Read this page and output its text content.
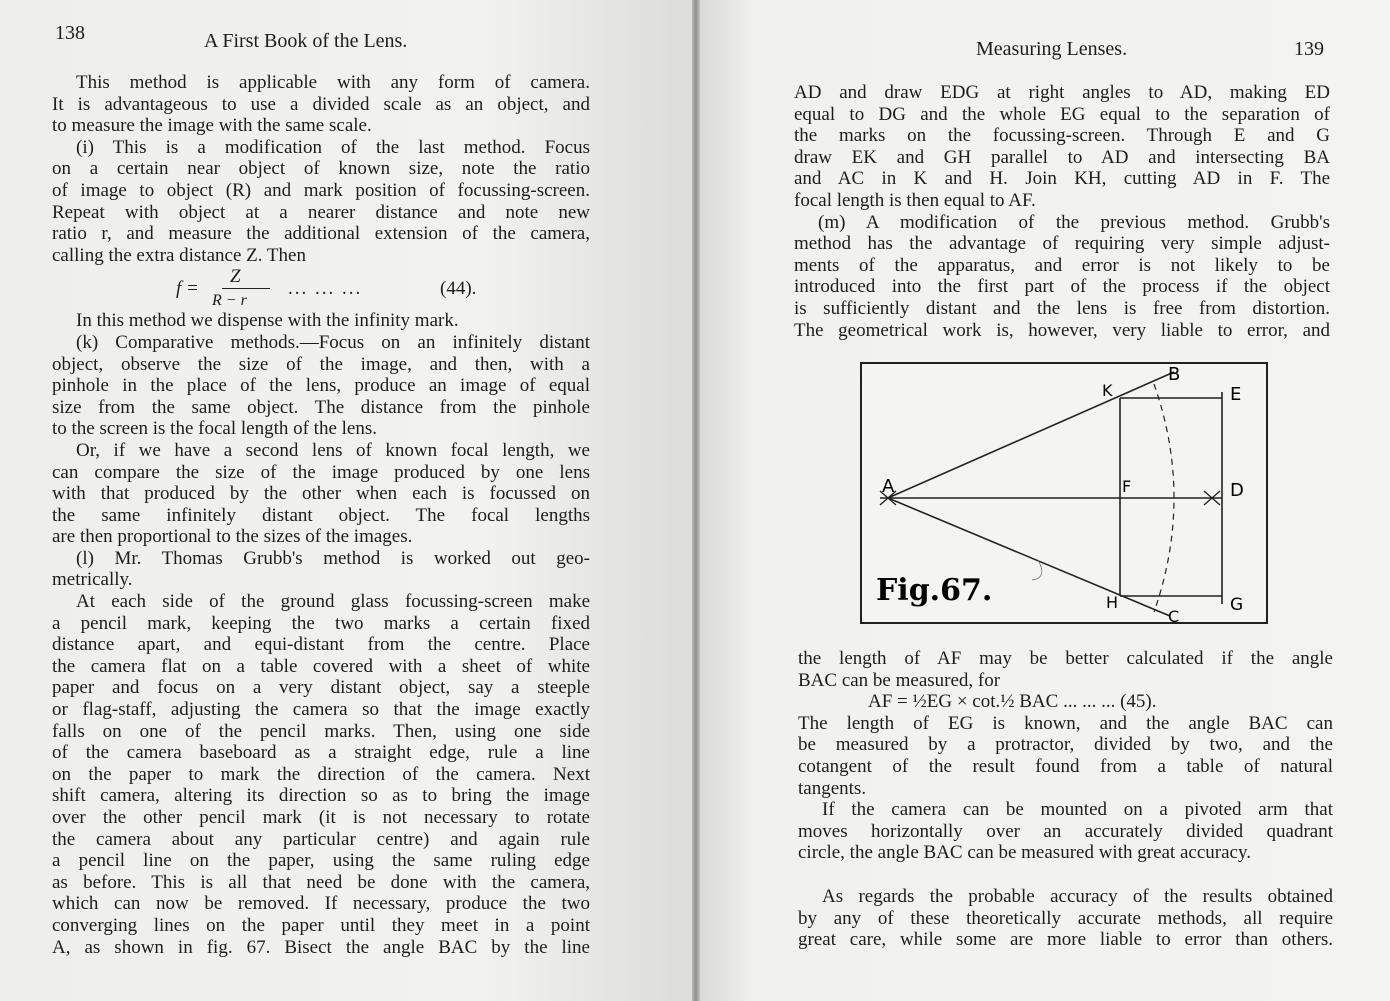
138	A First Book of the Lens.	Measuring Lenses.	139
This method is applicable with any form of camera.
It is advantageous to use a divided scale as an object, and
to measure the image with the same scale.
(i) This is a modification of the last method. Focus
on a certain near object of known size, note the ratio
of image to object (R) and mark position of focussing-screen.
Repeat with object at a nearer distance and note new
ratio r, and measure the additional extension of the camera,
calling the extra distance Z. Then
f =
Z
R − r
... ... ...	(44).
In this method we dispense with the infinity mark.
(k) Comparative methods.—Focus on an infinitely distant
object, observe the size of the image, and then, with a
pinhole in the place of the lens, produce an image of equal
size from the same object. The distance from the pinhole
to the screen is the focal length of the lens.
Or, if we have a second lens of known focal length, we
can compare the size of the image produced by one lens
with that produced by the other when each is focussed on
the same infinitely distant object. The focal lengths
are then proportional to the sizes of the images.
(l) Mr. Thomas Grubb's method is worked out geo-
metrically.
At each side of the ground glass focussing-screen make
a pencil mark, keeping the two marks a certain fixed
distance apart, and equi-distant from the centre. Place
the camera flat on a table covered with a sheet of white
paper and focus on a very distant object, say a steeple
or flag-staff, adjusting the camera so that the image exactly
falls on one of the pencil marks. Then, using one side
of the camera baseboard as a straight edge, rule a line
on the paper to mark the direction of the camera. Next
shift camera, altering its direction so as to bring the image
over the other pencil mark (it is not necessary to rotate
the camera about any particular centre) and again rule
a pencil line on the paper, using the same ruling edge
as before. This is all that need be done with the camera,
which can now be removed. If necessary, produce the two
converging lines on the paper until they meet in a point
A, as shown in fig. 67. Bisect the angle BAC by the line
AD and draw EDG at right angles to AD, making ED
equal to DG and the whole EG equal to the separation of
the marks on the focussing-screen. Through E and G
draw EK and GH parallel to AD and intersecting BA
and AC in K and H. Join KH, cutting AD in F. The
focal length is then equal to AF.
(m) A modification of the previous method. Grubb's
method has the advantage of requiring very simple adjust-
ments of the apparatus, and error is not likely to be
introduced into the first part of the process if the object
is sufficiently distant and the lens is free from distortion.
The geometrical work is, however, very liable to error, and
A
B
C
D
E
F
G
H
K
Fig.67.
the length of AF may be better calculated if the angle
BAC can be measured, for
AF = ½EG × cot.½ BAC ... ... ... (45).
The length of EG is known, and the angle BAC can
be measured by a protractor, divided by two, and the
cotangent of the result found from a table of natural
tangents.
If the camera can be mounted on a pivoted arm that
moves horizontally over an accurately divided quadrant
circle, the angle BAC can be measured with great accuracy.
As regards the probable accuracy of the results obtained
by any of these theoretically accurate methods, all require
great care, while some are more liable to error than others.
